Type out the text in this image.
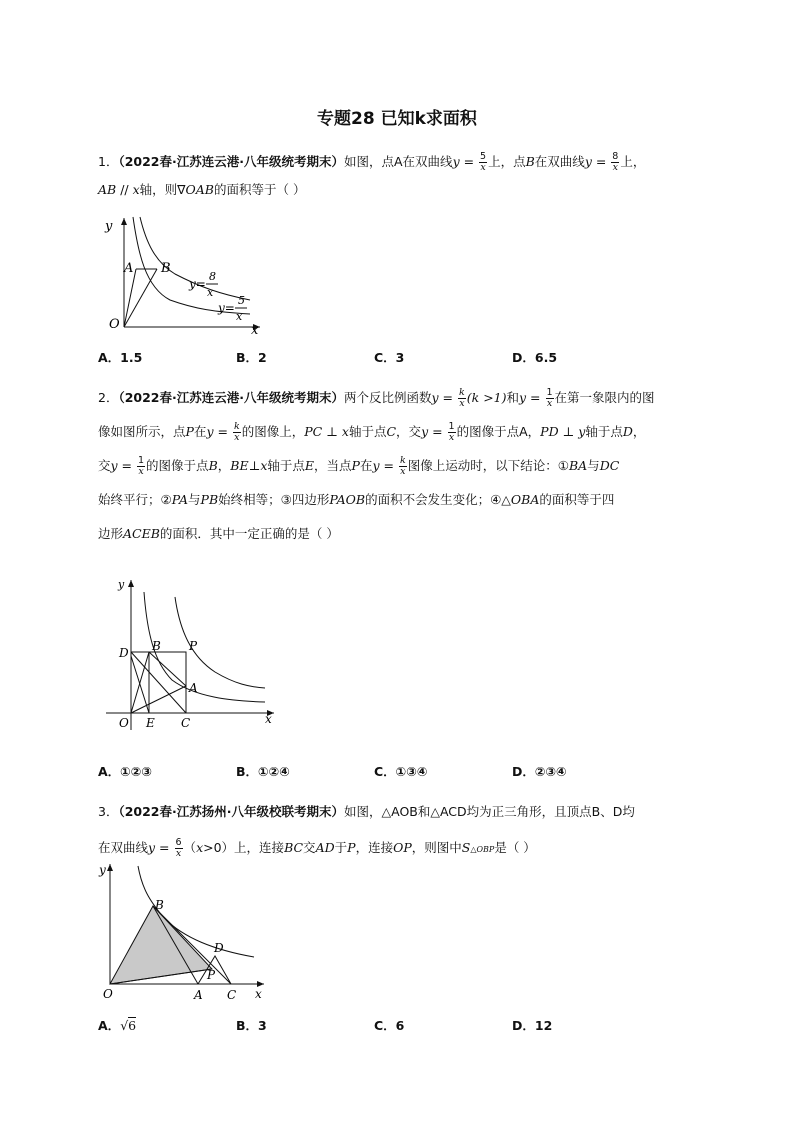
专题28 已知k求面积
1．（2022春·江苏连云港·八年级统考期末）如图，点A在双曲线$y = \frac{5}{x}$ 上，点B在双曲线$y = \frac{8}{x}$ 上，
AB // x轴，则∇OAB的面积等于（ ）
y
x
O
A B
y=
8
x
y=
5
x
A．1.5	B．2	C．3	D．6.5
2．（2022春·江苏连云港·八年级统考期末）两个反比例函数$y = \frac{k}{x} (k >1)$和$y = \frac{1}{x}$ 在第一象限内的图
像如图所示，点P在$y = \frac{k}{x}$ 的图像上，PC ⊥ x轴于点C，交$y = \frac{1}{x}$ 的图像于点A，PD ⊥ y轴于点D，
交$y = \frac{1}{x}$ 的图像于点B，BE⊥x轴于点E，当点P在$y = \frac{k}{x}$ 图像上运动时，以下结论：①BA与DC
始终平行；②PA与PB始终相等；③四边形PAOB的面积不会发生变化；④△OBA的面积等于四
边形ACEB的面积．其中一定正确的是（ ）
y
x
O
D B P
A
E C
A．①②③	B．①②④	C．①③④	D．②③④
3．（2022春·江苏扬州·八年级校联考期末）如图，△AOB和△ACD均为正三角形，且顶点B、D均
在双曲线$y = \frac{6}{x} (x>0)$上，连接BC交AD于P，连接OP，则图中S△OBP是（ ）
y
x
O
B
D
P
A C
A．√6	B．3	C．6	D．12
